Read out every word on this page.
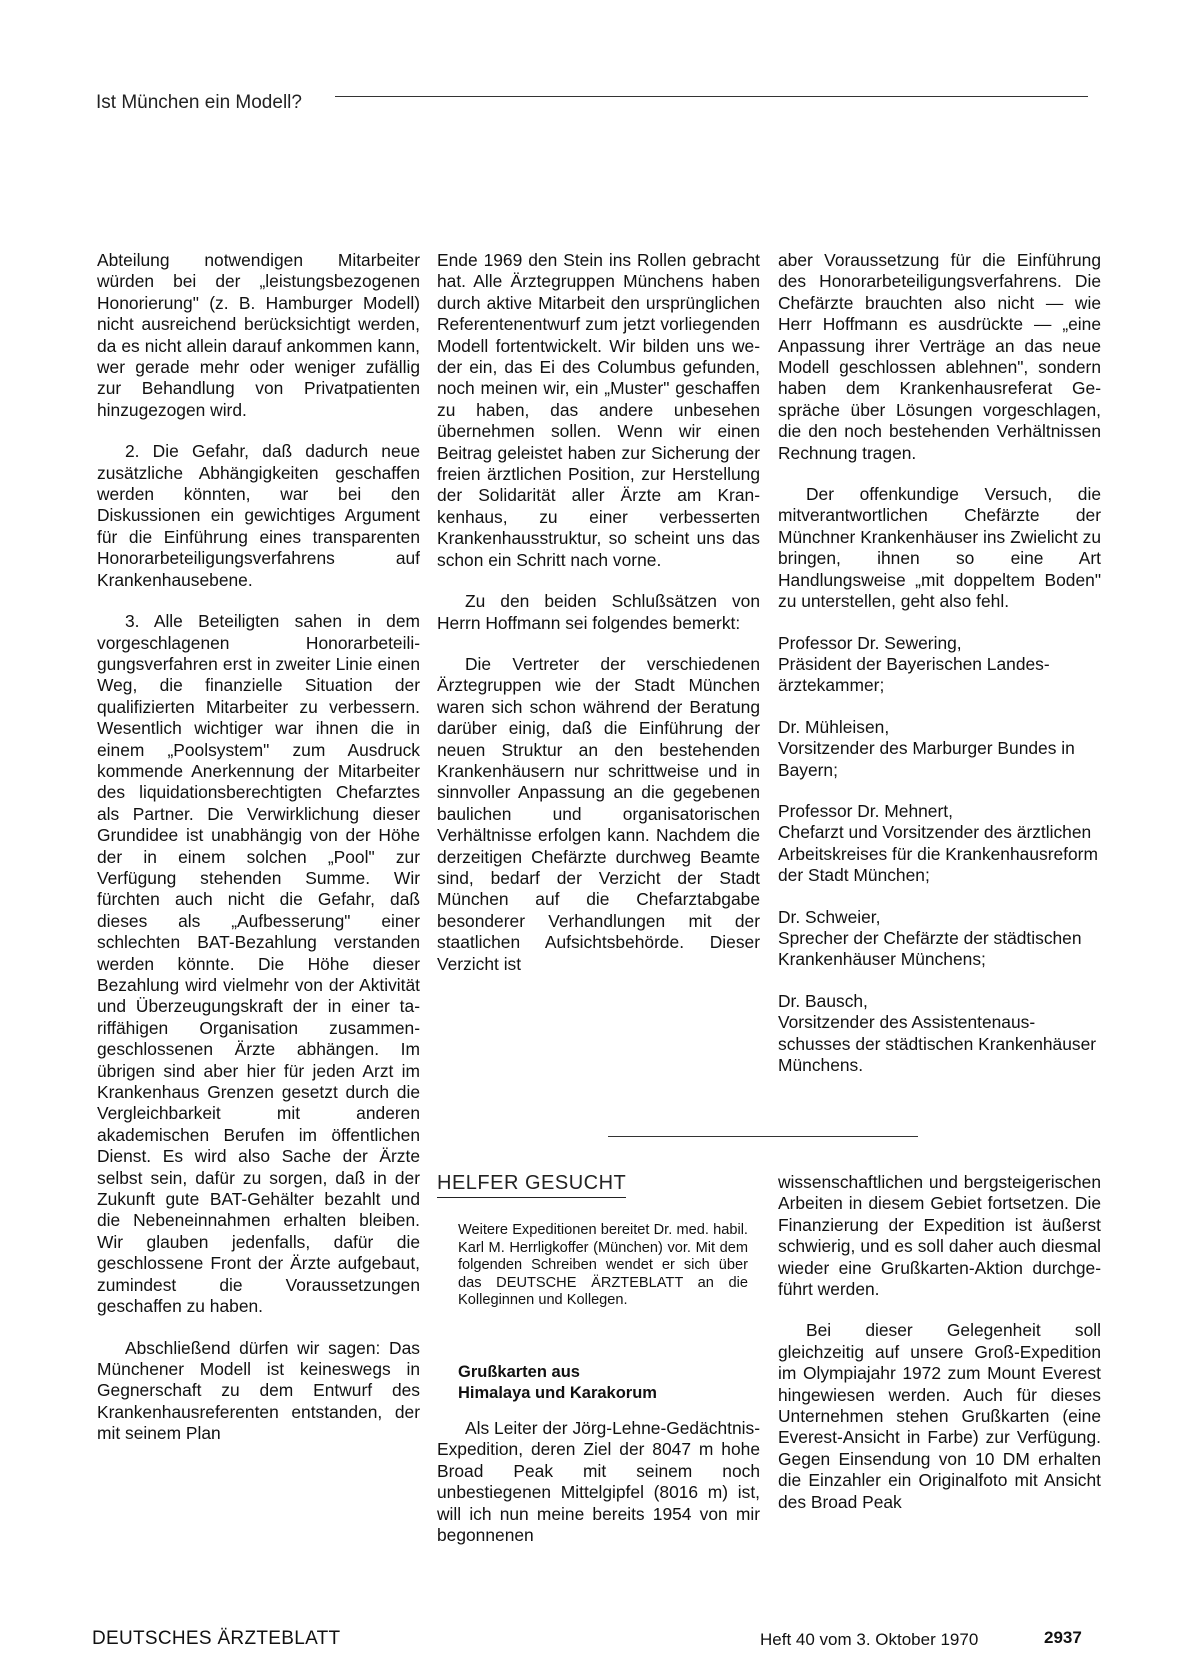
Ist München ein Modell?

Abteilung notwendigen Mitarbeiter würden bei der „leistungsbezogenen Honorierung" (z. B. Hamburger Modell) nicht ausreichend berücksichtigt werden, da es nicht allein darauf ankommen kann, wer gerade mehr oder weniger zufällig zur Behandlung von Privatpatienten hinzugezogen wird.

2. Die Gefahr, daß dadurch neue zusätzliche Abhängigkeiten geschaffen werden könnten, war bei den Diskussionen ein gewichtiges Argument für die Einführung eines transparenten Honorarbeteiligungsverfahrens auf Krankenhausebene.

3. Alle Beteiligten sahen in dem vorgeschlagenen Honorarbeteiligungsverfahren erst in zweiter Linie einen Weg, die finanzielle Situation der qualifizierten Mitarbeiter zu verbessern. Wesentlich wichtiger war ihnen die in einem „Poolsystem" zum Ausdruck kommende Anerkennung der Mitarbeiter des liquidationsberechtigten Chefarztes als Partner. Die Verwirklichung dieser Grundidee ist unabhängig von der Höhe der in einem solchen „Pool" zur Verfügung stehenden Summe. Wir fürchten auch nicht die Gefahr, daß dieses als „Aufbesserung" einer schlechten BAT-Bezahlung verstanden werden könnte. Die Höhe dieser Bezahlung wird vielmehr von der Aktivität und Überzeugungskraft der in einer tariffähigen Organisation zusammengeschlossenen Ärzte abhängen. Im übrigen sind aber hier für jeden Arzt im Krankenhaus Grenzen gesetzt durch die Vergleichbarkeit mit anderen akademischen Berufen im öffentlichen Dienst. Es wird also Sache der Ärzte selbst sein, dafür zu sorgen, daß in der Zukunft gute BAT-Gehälter bezahlt und die Nebeneinnahmen erhalten bleiben. Wir glauben jedenfalls, dafür die geschlossene Front der Ärzte aufgebaut, zumindest die Voraussetzungen geschaffen zu haben.

Abschließend dürfen wir sagen: Das Münchener Modell ist keineswegs in Gegnerschaft zu dem Entwurf des Krankenhausreferenten entstanden, der mit seinem Plan

Ende 1969 den Stein ins Rollen gebracht hat. Alle Ärztegruppen Münchens haben durch aktive Mitarbeit den ursprünglichen Referentenentwurf zum jetzt vorliegenden Modell fortentwickelt. Wir bilden uns weder ein, das Ei des Columbus gefunden, noch meinen wir, ein „Muster" geschaffen zu haben, das andere unbesehen übernehmen sollen. Wenn wir einen Beitrag geleistet haben zur Sicherung der freien ärztlichen Position, zur Herstellung der Solidarität aller Ärzte am Krankenhaus, zu einer verbesserten Krankenhausstruktur, so scheint uns das schon ein Schritt nach vorne.

Zu den beiden Schlußsätzen von Herrn Hoffmann sei folgendes bemerkt:

Die Vertreter der verschiedenen Ärztegruppen wie der Stadt München waren sich schon während der Beratung darüber einig, daß die Einführung der neuen Struktur an den bestehenden Krankenhäusern nur schrittweise und in sinnvoller Anpassung an die gegebenen baulichen und organisatorischen Verhältnisse erfolgen kann. Nachdem die derzeitigen Chefärzte durchweg Beamte sind, bedarf der Verzicht der Stadt München auf die Chefarztabgabe besonderer Verhandlungen mit der staatlichen Aufsichtsbehörde. Dieser Verzicht ist

aber Voraussetzung für die Einführung des Honorarbeteiligungsverfahrens. Die Chefärzte brauchten also nicht — wie Herr Hoffmann es ausdrückte — „eine Anpassung ihrer Verträge an das neue Modell geschlossen ablehnen", sondern haben dem Krankenhausreferat Gespräche über Lösungen vorgeschlagen, die den noch bestehenden Verhältnissen Rechnung tragen.

Der offenkundige Versuch, die mitverantwortlichen Chefärzte der Münchner Krankenhäuser ins Zwielicht zu bringen, ihnen so eine Art Handlungsweise „mit doppeltem Boden" zu unterstellen, geht also fehl.

Professor Dr. Sewering,
Präsident der Bayerischen Landesärztekammer;

Dr. Mühleisen,
Vorsitzender des Marburger Bundes in Bayern;

Professor Dr. Mehnert,
Chefarzt und Vorsitzender des ärztlichen Arbeitskreises für die Krankenhausreform der Stadt München;

Dr. Schweier,
Sprecher der Chefärzte der städtischen Krankenhäuser Münchens;

Dr. Bausch,
Vorsitzender des Assistentenausschusses der städtischen Krankenhäuser Münchens.

HELFER GESUCHT
Weitere Expeditionen bereitet Dr. med. habil. Karl M. Herrligkoffer (München) vor. Mit dem folgenden Schreiben wendet er sich über das DEUTSCHE ÄRZTEBLATT an die Kolleginnen und Kollegen.
Grußkarten aus
Himalaya und Karakorum

Als Leiter der Jörg-Lehne-Gedächtnis-Expedition, deren Ziel der 8047 m hohe Broad Peak mit seinem noch unbestiegenen Mittelgipfel (8016 m) ist, will ich nun meine bereits 1954 von mir begonnenen

wissenschaftlichen und bergsteigerischen Arbeiten in diesem Gebiet fortsetzen. Die Finanzierung der Expedition ist äußerst schwierig, und es soll daher auch diesmal wieder eine Grußkarten-Aktion durchgeführt werden.

Bei dieser Gelegenheit soll gleichzeitig auf unsere Groß-Expedition im Olympiajahr 1972 zum Mount Everest hingewiesen werden. Auch für dieses Unternehmen stehen Grußkarten (eine Everest-Ansicht in Farbe) zur Verfügung. Gegen Einsendung von 10 DM erhalten die Einzahler ein Originalfoto mit Ansicht des Broad Peak

DEUTSCHES ÄRZTEBLATT	Heft 40 vom 3. Oktober 1970	2937
